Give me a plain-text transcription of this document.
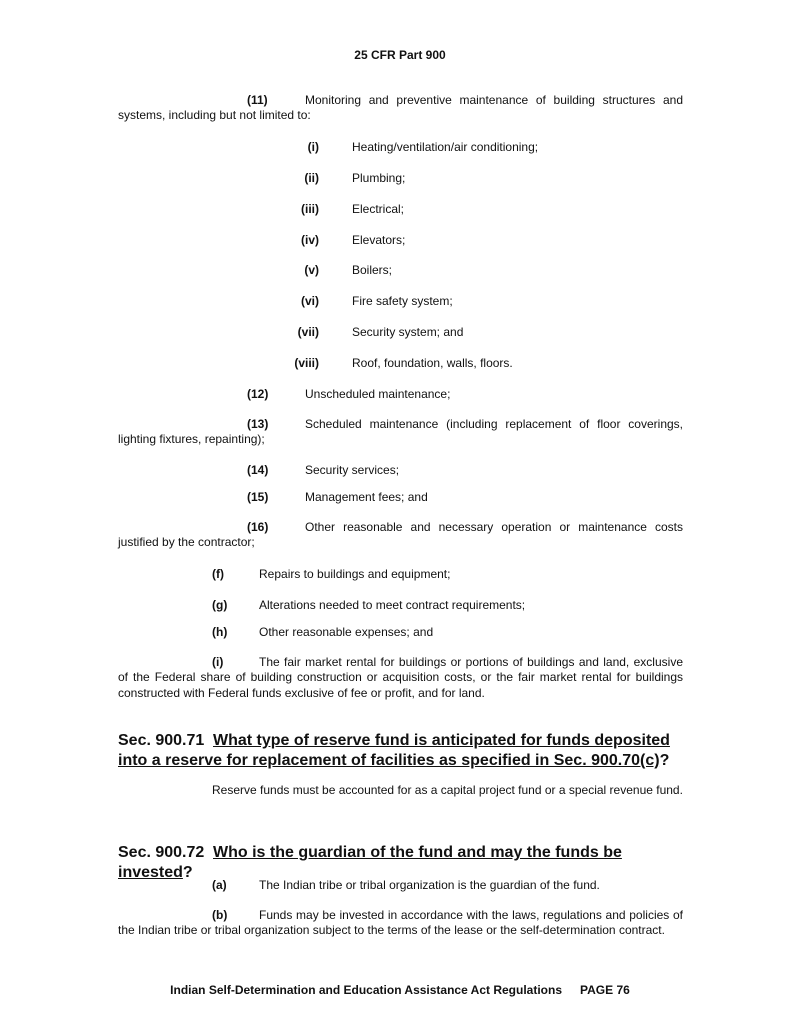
25 CFR Part 900
(11)	Monitoring and preventive maintenance of building structures and systems, including but not limited to:
(i)	Heating/ventilation/air conditioning;
(ii)	Plumbing;
(iii)	Electrical;
(iv)	Elevators;
(v)	Boilers;
(vi)	Fire safety system;
(vii)	Security system; and
(viii)	Roof, foundation, walls, floors.
(12)	Unscheduled maintenance;
(13)	Scheduled maintenance (including replacement of floor coverings, lighting fixtures, repainting);
(14)	Security services;
(15)	Management fees; and
(16)	Other reasonable and necessary operation or maintenance costs justified by the contractor;
(f)	Repairs to buildings and equipment;
(g)	Alterations needed to meet contract requirements;
(h)	Other reasonable expenses; and
(i)	The fair market rental for buildings or portions of buildings and land, exclusive of the Federal share of building construction or acquisition costs, or the fair market rental for buildings constructed with Federal funds exclusive of fee or profit, and for land.
Sec. 900.71 What type of reserve fund is anticipated for funds deposited into a reserve for replacement of facilities as specified in Sec. 900.70(c)?
Reserve funds must be accounted for as a capital project fund or a special revenue fund.
Sec. 900.72 Who is the guardian of the fund and may the funds be invested?
(a)	The Indian tribe or tribal organization is the guardian of the fund.
(b)	Funds may be invested in accordance with the laws, regulations and policies of the Indian tribe or tribal organization subject to the terms of the lease or the self-determination contract.
Indian Self-Determination and Education Assistance Act Regulations PAGE 76
